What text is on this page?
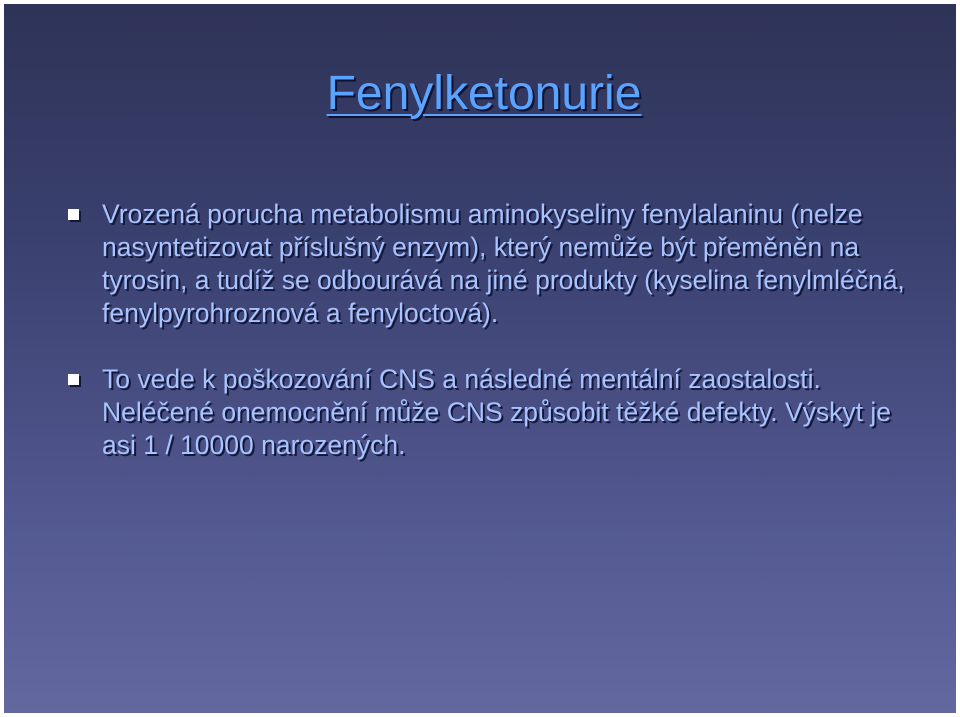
Fenylketonurie
Vrozená porucha metabolismu aminokyseliny fenylalaninu (nelze nasyntetizovat příslušný enzym), který nemůže být přeměněn na tyrosin, a tudíž se odbourává na jiné produkty (kyselina fenylmléčná, fenylpyrohroznová a fenyloctová).
To vede k poškozování CNS a následné mentální zaostalosti. Neléčené onemocnění může CNS způsobit těžké defekty. Výskyt je asi 1 / 10000 narozených.
